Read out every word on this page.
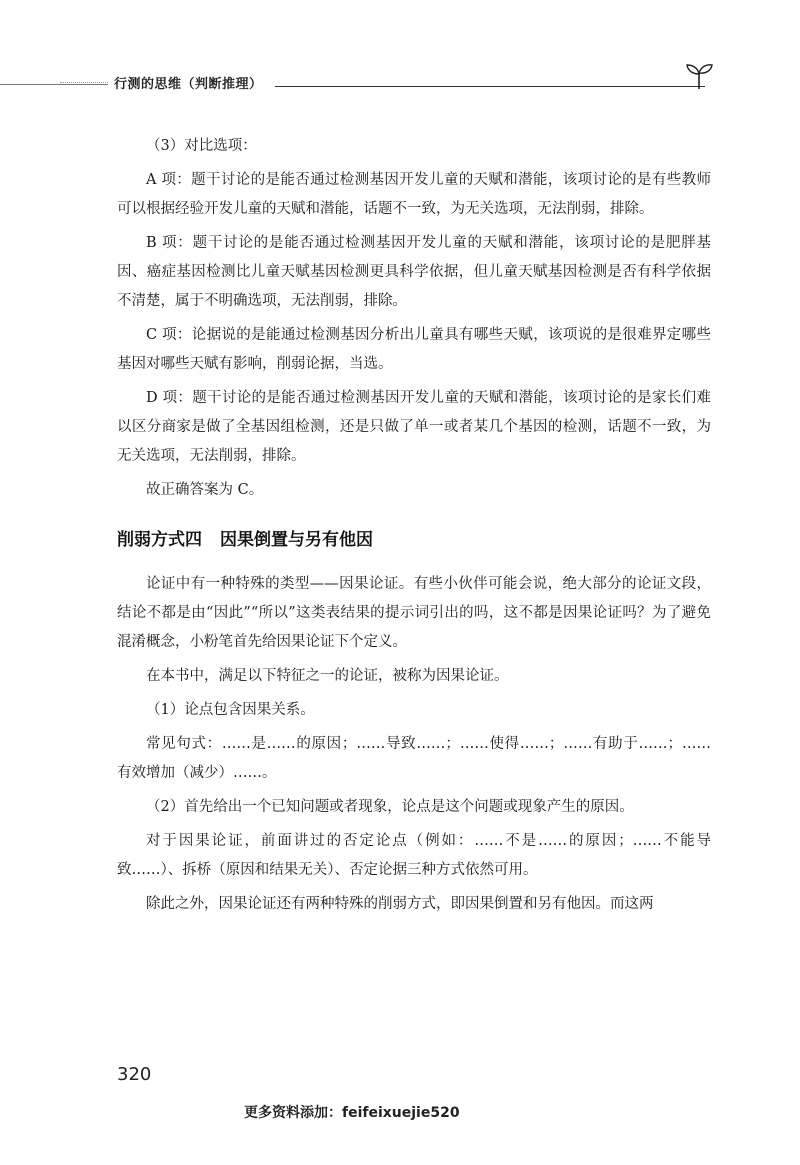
行测的思维（判断推理）

（3）对比选项：

A 项：题干讨论的是能否通过检测基因开发儿童的天赋和潜能，该项讨论的是有些教师可以根据经验开发儿童的天赋和潜能，话题不一致，为无关选项，无法削弱，排除。

B 项：题干讨论的是能否通过检测基因开发儿童的天赋和潜能，该项讨论的是肥胖基因、癌症基因检测比儿童天赋基因检测更具科学依据，但儿童天赋基因检测是否有科学依据不清楚，属于不明确选项，无法削弱，排除。

C 项：论据说的是能通过检测基因分析出儿童具有哪些天赋，该项说的是很难界定哪些基因对哪些天赋有影响，削弱论据，当选。

D 项：题干讨论的是能否通过检测基因开发儿童的天赋和潜能，该项讨论的是家长们难以区分商家是做了全基因组检测，还是只做了单一或者某几个基因的检测，话题不一致，为无关选项，无法削弱，排除。

故正确答案为 C。

削弱方式四 因果倒置与另有他因

论证中有一种特殊的类型——因果论证。有些小伙伴可能会说，绝大部分的论证文段，结论不都是由“因此”“所以”这类表结果的提示词引出的吗，这不都是因果论证吗？为了避免混淆概念，小粉笔首先给因果论证下个定义。

在本书中，满足以下特征之一的论证，被称为因果论证。

（1）论点包含因果关系。

常见句式：……是……的原因；……导致……；……使得……；……有助于……；……有效增加（减少）……。

（2）首先给出一个已知问题或者现象，论点是这个问题或现象产生的原因。

对于因果论证，前面讲过的否定论点（例如：……不是……的原因；……不能导致……）、拆桥（原因和结果无关）、否定论据三种方式依然可用。

除此之外，因果论证还有两种特殊的削弱方式，即因果倒置和另有他因。而这两

320
更多资料添加：feifeixuejie520
